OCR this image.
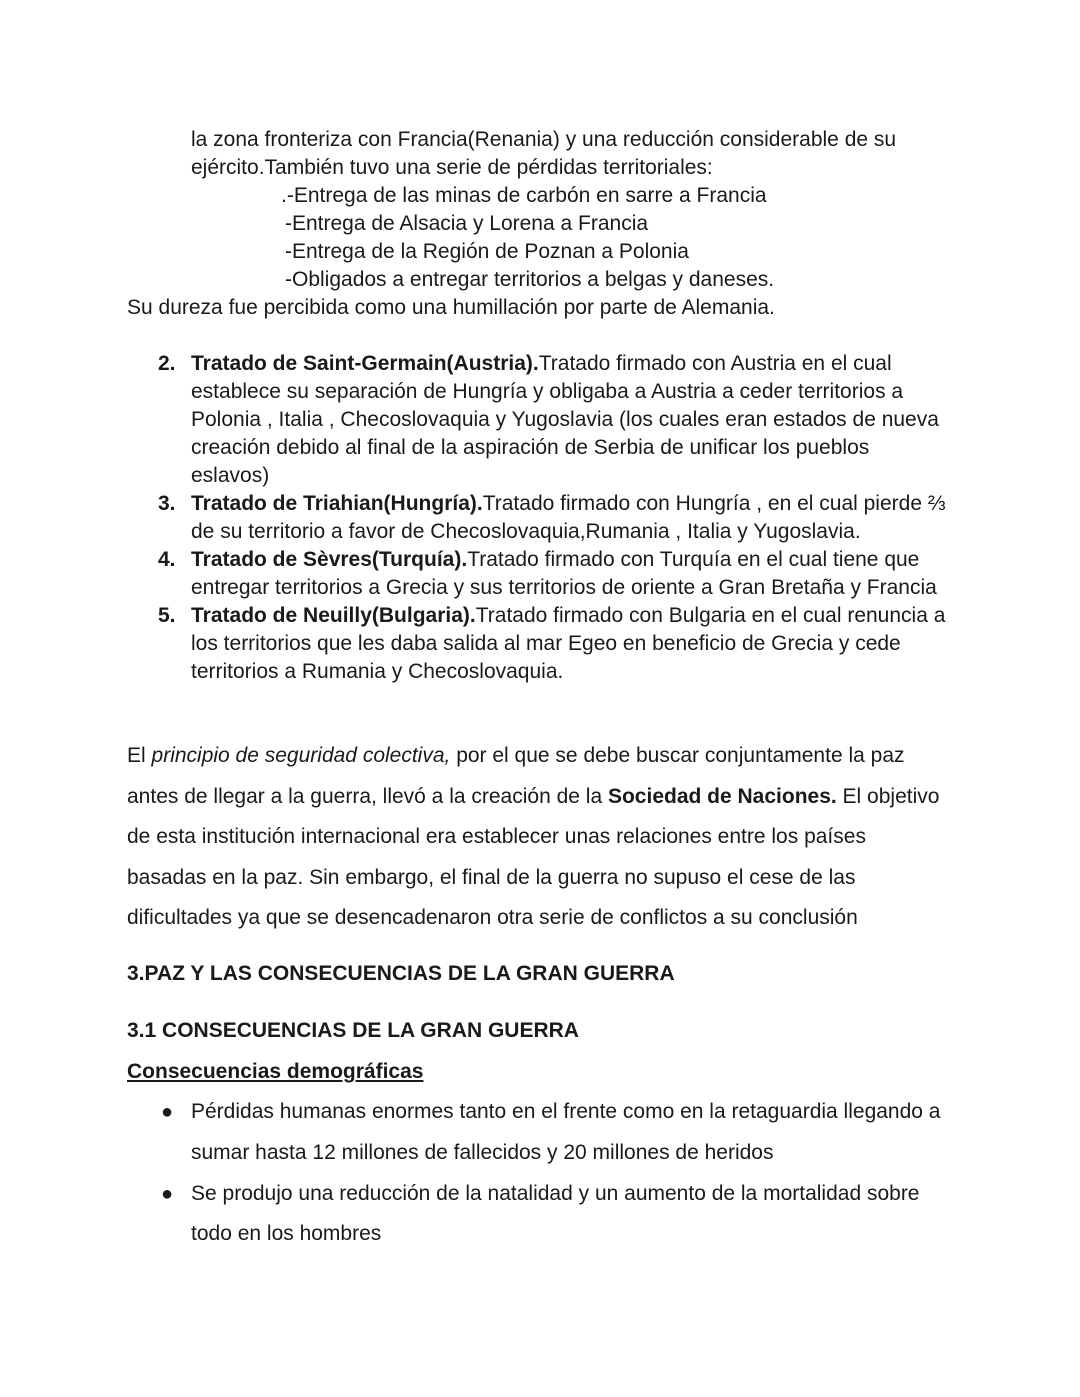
la zona fronteriza con Francia(Renania) y una reducción considerable de su
ejército.También tuvo una serie de pérdidas territoriales:
.-Entrega de las minas de carbón en sarre a Francia
-Entrega de Alsacia y Lorena a Francia
-Entrega de la Región de Poznan a Polonia
-Obligados a entregar territorios a belgas y daneses.
Su dureza fue percibida como una humillación por parte de Alemania.
2. Tratado de Saint-Germain(Austria).Tratado firmado con Austria en el cual
establece su separación de Hungría y obligaba a Austria a ceder territorios a
Polonia , Italia , Checoslovaquia y Yugoslavia (los cuales eran estados de nueva
creación debido al final de la aspiración de Serbia de unificar los pueblos
eslavos)
3. Tratado de Triahian(Hungría).Tratado firmado con Hungría , en el cual pierde ⅔
de su territorio a favor de Checoslovaquia,Rumania , Italia y Yugoslavia.
4. Tratado de Sèvres(Turquía).Tratado firmado con Turquía en el cual tiene que
entregar territorios a Grecia y sus territorios de oriente a Gran Bretaña y Francia
5. Tratado de Neuilly(Bulgaria).Tratado firmado con Bulgaria en el cual renuncia a
los territorios que les daba salida al mar Egeo en beneficio de Grecia y cede
territorios a Rumania y Checoslovaquia.
El principio de seguridad colectiva, por el que se debe buscar conjuntamente la paz
antes de llegar a la guerra, llevó a la creación de la Sociedad de Naciones. El objetivo
de esta institución internacional era establecer unas relaciones entre los países
basadas en la paz. Sin embargo, el final de la guerra no supuso el cese de las
dificultades ya que se desencadenaron otra serie de conflictos a su conclusión
3.PAZ Y LAS CONSECUENCIAS DE LA GRAN GUERRA
3.1 CONSECUENCIAS DE LA GRAN GUERRA
Consecuencias demográficas
● Pérdidas humanas enormes tanto en el frente como en la retaguardia llegando a
sumar hasta 12 millones de fallecidos y 20 millones de heridos
● Se produjo una reducción de la natalidad y un aumento de la mortalidad sobre
todo en los hombres
